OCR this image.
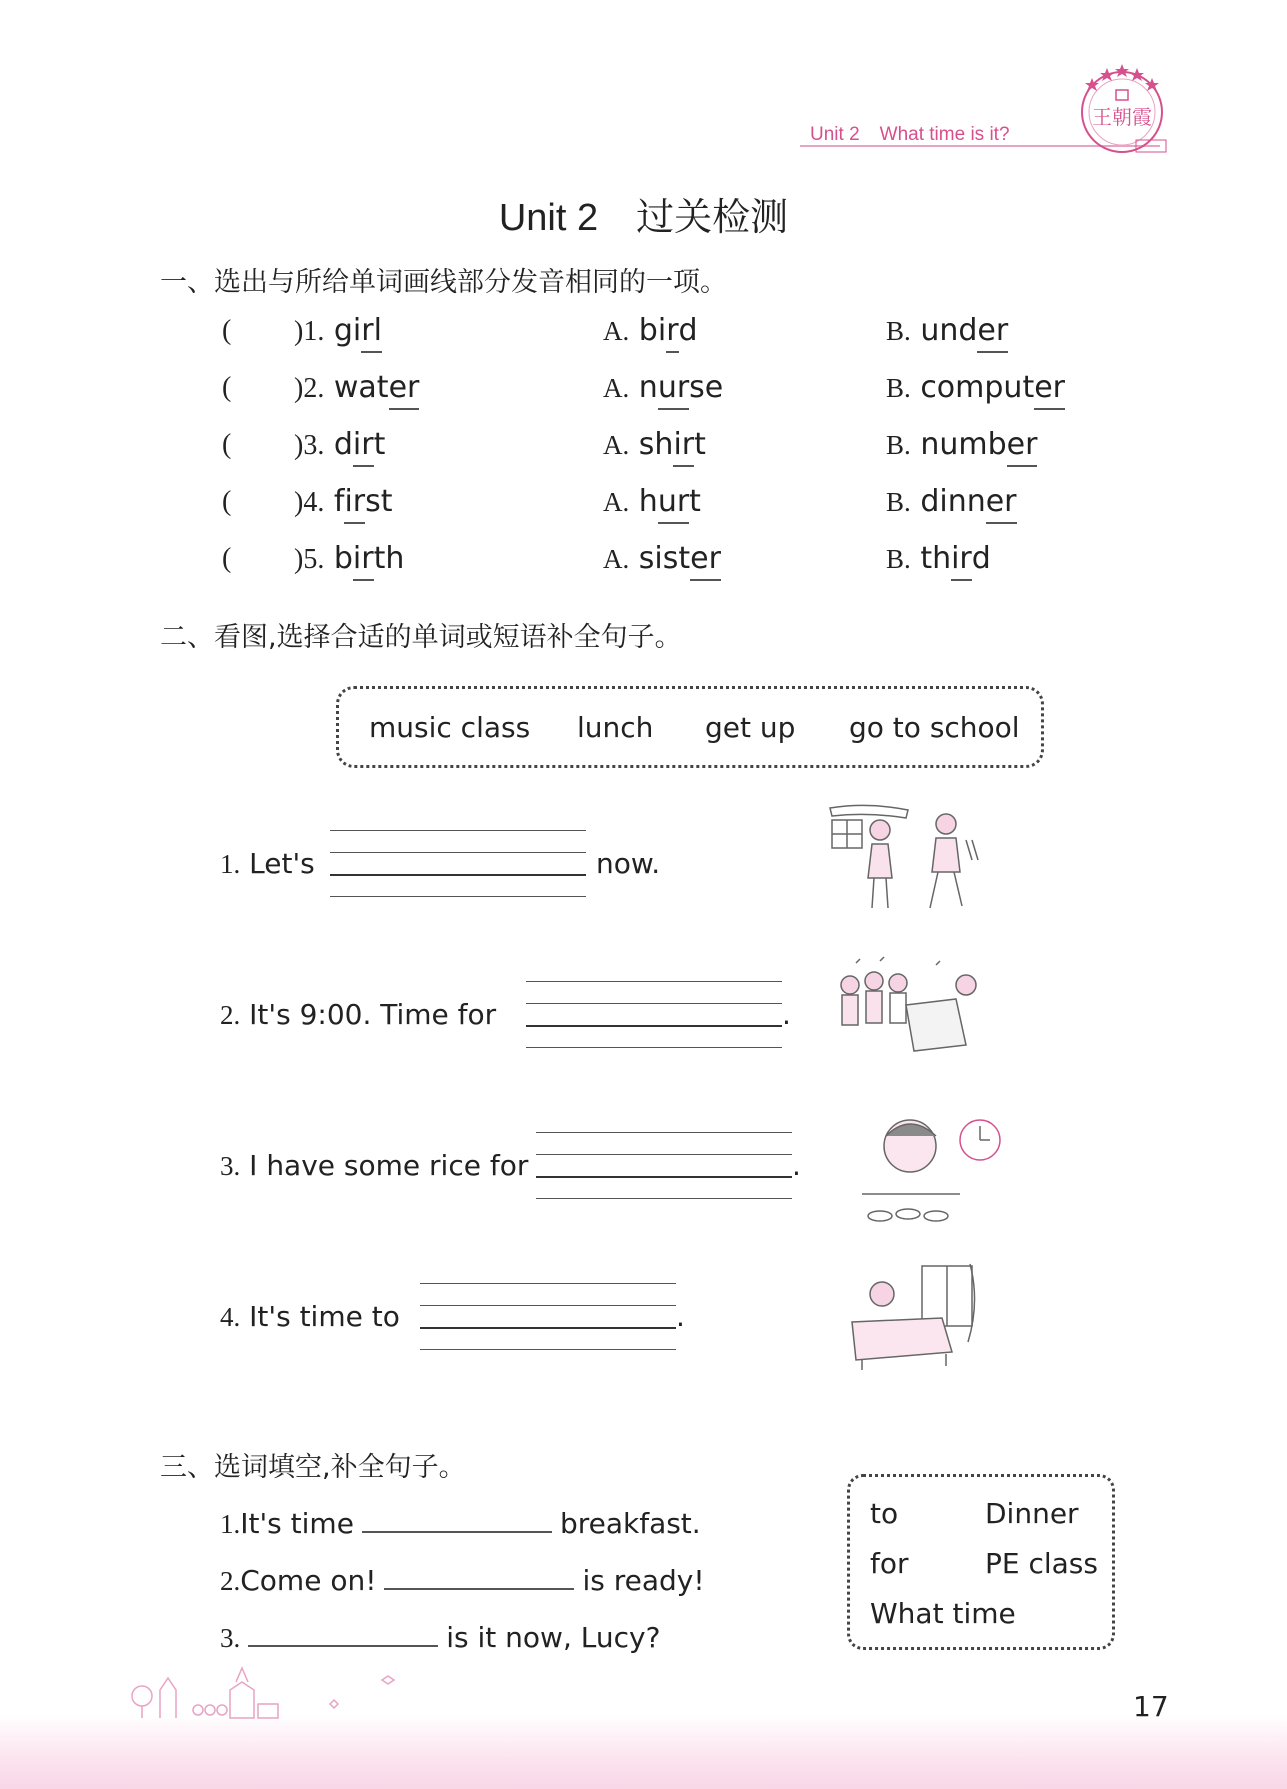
Unit 2 What time is it?
王朝霞
Unit 2 过关检测
一、选出与所给单词画线部分发音相同的一项。
( )1. girl	A. bird	B. under
( )2. water	A. nurse	B. computer
( )3. dirt	A. shirt	B. number
( )4. first	A. hurt	B. dinner
( )5. birth	A. sister	B. third
二、看图,选择合适的单词或短语补全句子。
music class lunch get up go to school
1. Let's	now.
2. It's 9:00. Time for	.
3. I have some rice for	.
4. It's time to	.
三、选词填空,补全句子。
1.It's time	breakfast.
2.Come on!	is ready!
3.	is it now, Lucy?
to	Dinner
for	PE class
What time
17
